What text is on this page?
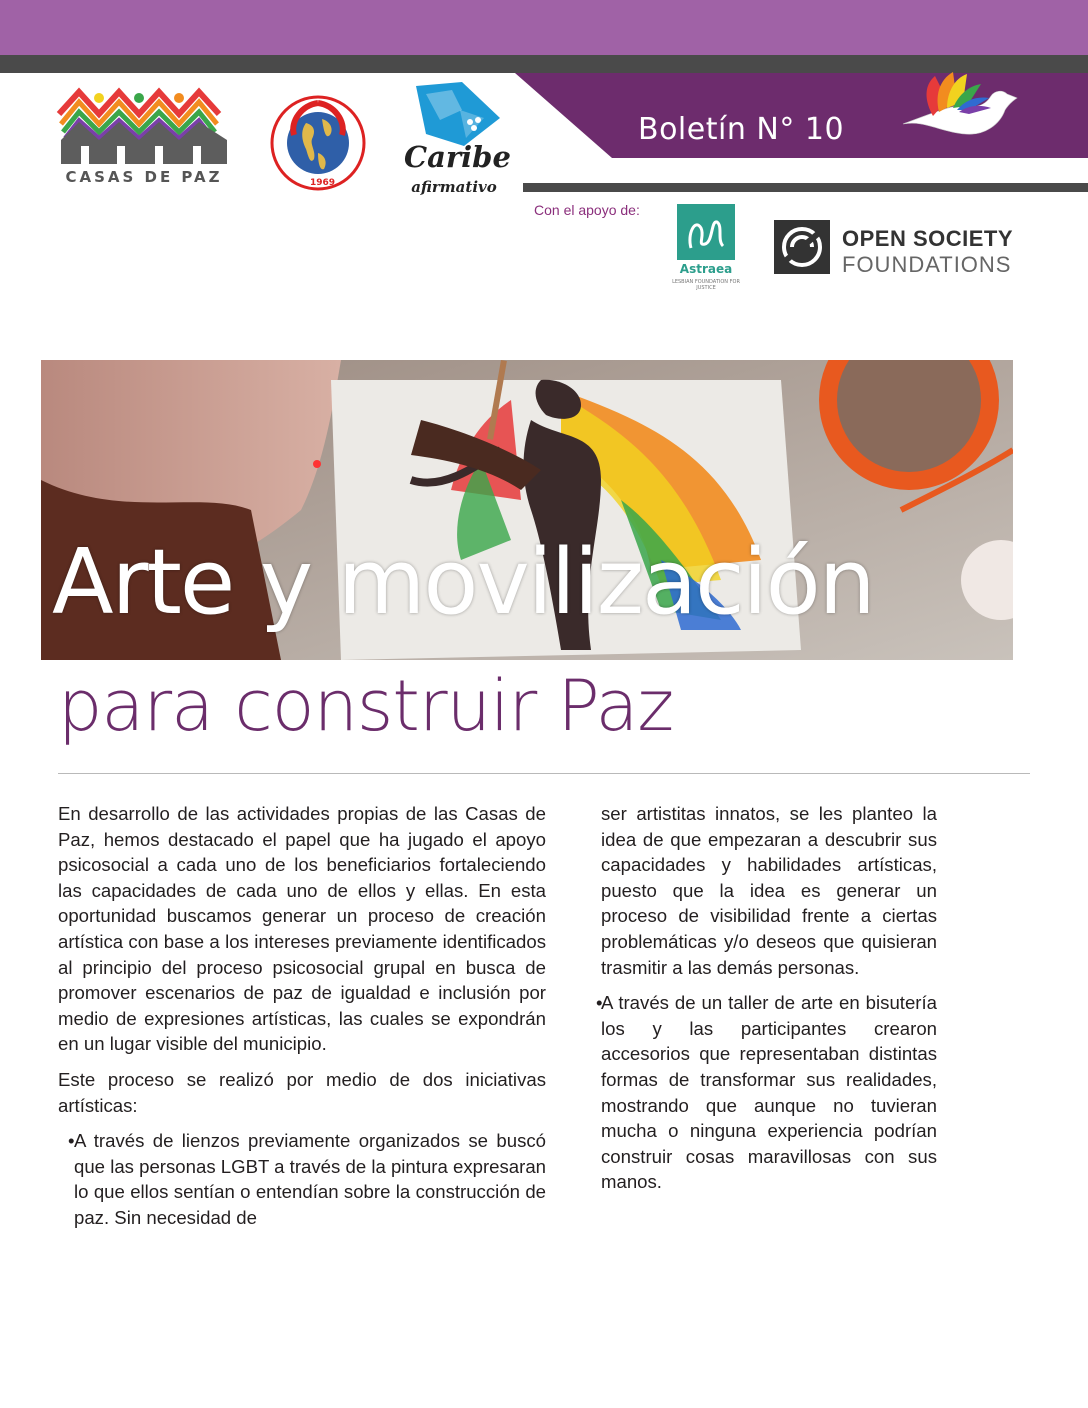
Boletín N° 10
CASAS DE PAZ	1969
Caribe
afirmativo
Con el apoyo de:
Astraea
LESBIAN FOUNDATION FOR JUSTICE
OPEN SOCIETY
FOUNDATIONS
Arte y movilización
para construir Paz

En desarrollo de las actividades propias de las Casas de Paz, hemos destacado el papel que ha jugado el apoyo psicosocial a cada uno de los beneficiarios fortaleciendo las capacidades de cada uno de ellos y ellas. En esta oportunidad buscamos generar un proceso de creación artística con base a los intereses previamente identificados al principio del proceso psicosocial grupal en busca de promover escenarios de paz de igualdad e inclusión por medio de expresiones artísticas, las cuales se expondrán en un lugar visible del municipio.

Este proceso se realizó por medio de dos iniciativas artísticas:

• A través de lienzos previamente organizados se buscó que las personas LGBT a través de la pintura expresaran lo que ellos sentían o entendían sobre la construcción de paz. Sin necesidad de

ser artistitas innatos, se les planteo la idea de que empezaran a descubrir sus capacidades y habilidades artísticas, puesto que la idea es generar un proceso de visibilidad frente a ciertas problemáticas y/o deseos que quisieran trasmitir a las demás personas.

•
A través de un taller de arte en bisutería los y las participantes crearon accesorios que representaban distintas formas de transformar sus realidades, mostrando que aunque no tuvieran mucha o ninguna experiencia podrían construir cosas maravillosas con sus manos.
